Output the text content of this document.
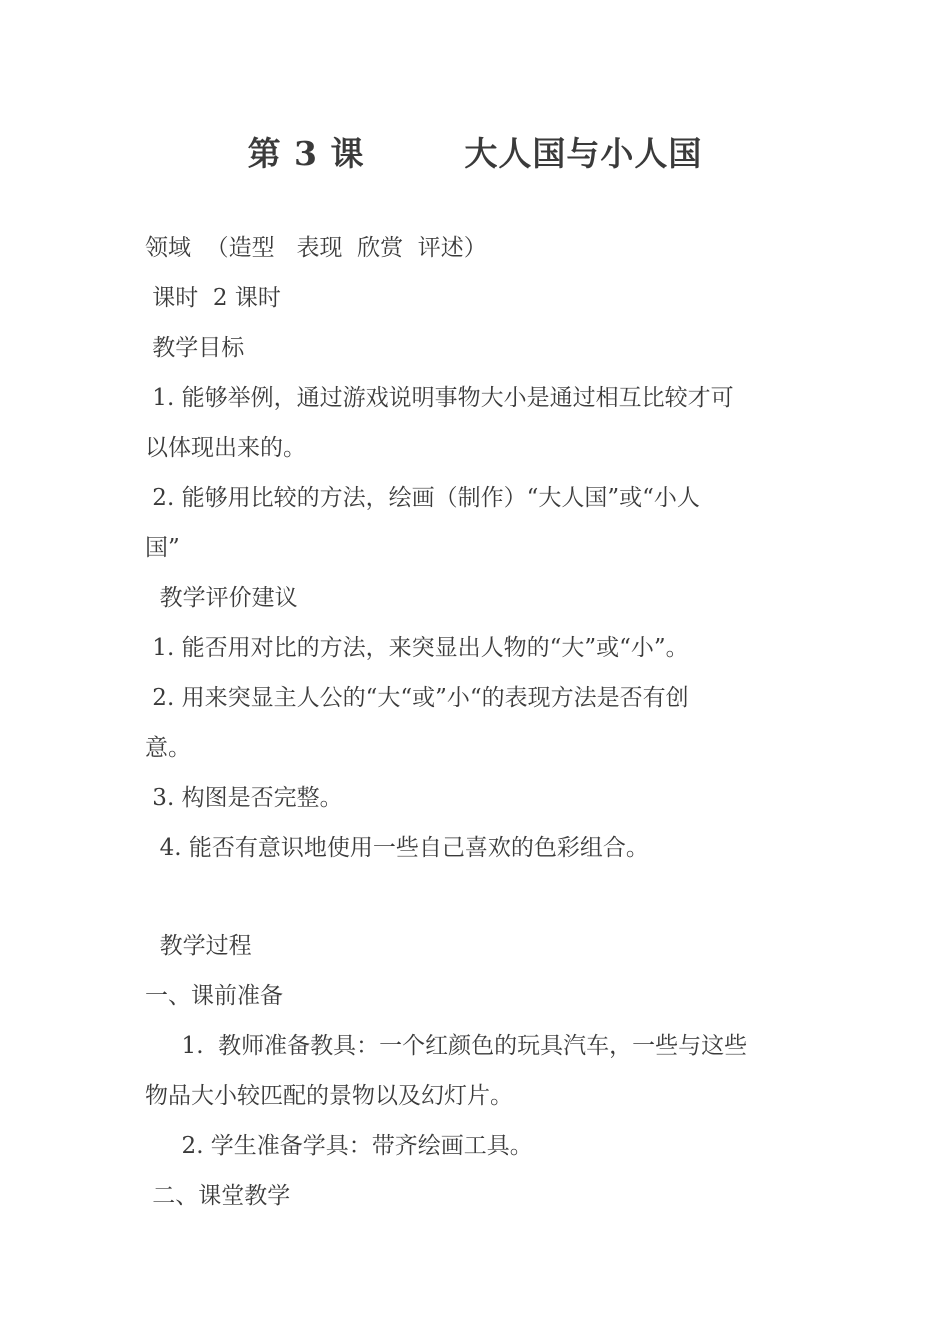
第 3 课        大人国与小人国
领域  （造型   表现  欣赏  评述）
课时  2 课时
教学目标
1. 能够举例，通过游戏说明事物大小是通过相互比较才可
以体现出来的。
2. 能够用比较的方法，绘画（制作）“大人国”或“小人
国”
教学评价建议
1. 能否用对比的方法，来突显出人物的“大”或“小”。
2. 用来突显主人公的“大“或”小“的表现方法是否有创
意。
3. 构图是否完整。
4. 能否有意识地使用一些自己喜欢的色彩组合。
教学过程
一、课前准备
1.  教师准备教具：一个红颜色的玩具汽车，一些与这些
物品大小较匹配的景物以及幻灯片。
2. 学生准备学具：带齐绘画工具。
二、课堂教学
